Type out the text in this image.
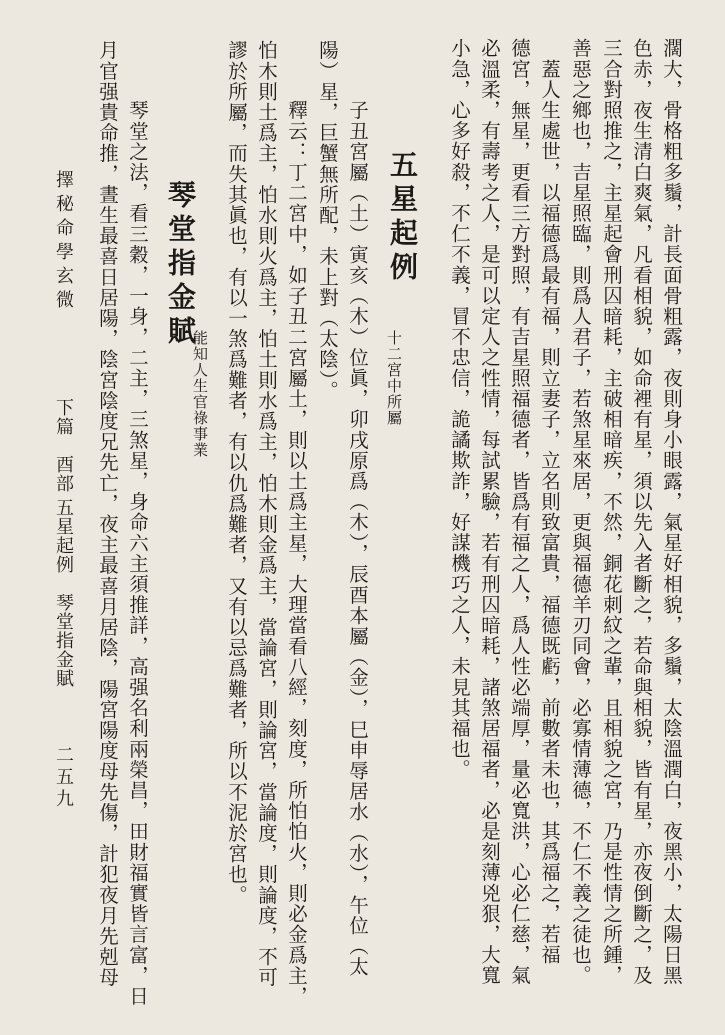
濶大，骨格粗多鬚，計長面骨粗露，夜則身小眼露，氣星好相貌，多鬚，太陰溫潤白，夜黑小，太陽日黑
色赤，夜生清白爽氣，凡看相貌，如命裡有星，須以先入者斷之，若命與相貌，皆有星，亦夜倒斷之，及
三合對照推之，主星起會刑囚暗耗，主破相暗疾，不然，銅花刺紋之輩，且相貌之宮，乃是性情之所鍾，
善惡之鄉也，吉星照臨，則爲人君子，若煞星來居，更與福德羊刃同會，必寡情薄德，不仁不義之徒也。
　蓋人生處世，以福德爲最有福，則立妻子，立名則致富貴，福德既虧，前數者未也，其爲福之，若福
德宮，無星，更看三方對照，有吉星照福德者，皆爲有福之人，爲人性必端厚，量必寬洪，心必仁慈，氣
必溫柔，有壽考之人，是可以定人之性情，每試累驗，若有刑囚暗耗，諸煞居福者，必是刻薄兇狠，大寬
小急，心多好殺，不仁不義，冒不忠信，詭譎欺詐，好謀機巧之人，未見其福也。
五星起例
十二宮中所屬
子丑宮屬（土）寅亥（木）位眞，卯戌原爲（木），辰酉本屬（金），巳申辱居水（水），午位（太
陽）星，巨蟹無所配，未上對（太陰）。
釋云：丁二宮中，如子丑二宮屬土，則以土爲主星，大理當看八經，刻度，所怕怕火，則必金爲主，
怕木則土爲主，怕水則火爲主，怕土則水爲主，怕木則金爲主，當論宮，則論宮，當論度，則論度，不可
謬於所屬，而失其眞也，有以一煞爲難者，有以仇爲難者，又有以忌爲難者，所以不泥於宮也。
琴堂指金賦
能知人生官祿事業
琴堂之法，看三穀，一身，二主，三煞星，身命六主須推詳，高强名利兩榮昌，田財福實皆言富，日
月官强貴命推，晝生最喜日居陽，陰宮陰度兄先亡，夜主最喜月居陰，陽宮陽度母先傷，計犯夜月先剋母
擇秘命學玄微
下篇　酉部
五星起例　琴堂指金賦
二五九
